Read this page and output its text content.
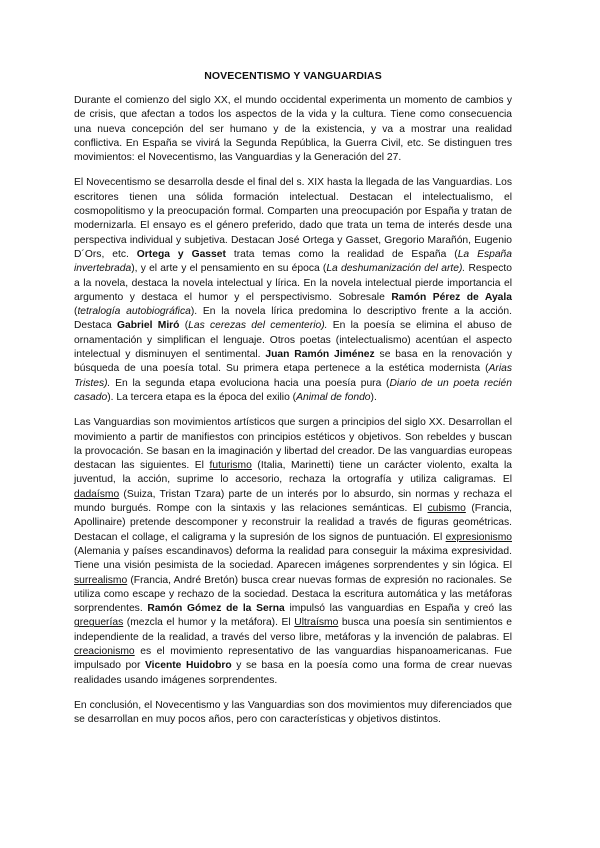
NOVECENTISMO Y VANGUARDIAS

Durante el comienzo del siglo XX, el mundo occidental experimenta un momento de cambios y de crisis, que afectan a todos los aspectos de la vida y la cultura. Tiene como consecuencia una nueva concepción del ser humano y de la existencia, y va a mostrar una realidad conflictiva. En España se vivirá la Segunda República, la Guerra Civil, etc. Se distinguen tres movimientos: el Novecentismo, las Vanguardias y la Generación del 27.

El Novecentismo se desarrolla desde el final del s. XIX hasta la llegada de las Vanguardias. Los escritores tienen una sólida formación intelectual. Destacan el intelectualismo, el cosmopolitismo y la preocupación formal. Comparten una preocupación por España y tratan de modernizarla. El ensayo es el género preferido, dado que trata un tema de interés desde una perspectiva individual y subjetiva. Destacan José Ortega y Gasset, Gregorio Marañón, Eugenio D´Ors, etc. Ortega y Gasset trata temas como la realidad de España (La España invertebrada), y el arte y el pensamiento en su época (La deshumanización del arte). Respecto a la novela, destaca la novela intelectual y lírica. En la novela intelectual pierde importancia el argumento y destaca el humor y el perspectivismo. Sobresale Ramón Pérez de Ayala (tetralogía autobiográfica). En la novela lírica predomina lo descriptivo frente a la acción. Destaca Gabriel Miró (Las cerezas del cementerio). En la poesía se elimina el abuso de ornamentación y simplifican el lenguaje. Otros poetas (intelectualismo) acentúan el aspecto intelectual y disminuyen el sentimental. Juan Ramón Jiménez se basa en la renovación y búsqueda de una poesía total. Su primera etapa pertenece a la estética modernista (Arias Tristes). En la segunda etapa evoluciona hacia una poesía pura (Diario de un poeta recién casado). La tercera etapa es la época del exilio (Animal de fondo).

Las Vanguardias son movimientos artísticos que surgen a principios del siglo XX. Desarrollan el movimiento a partir de manifiestos con principios estéticos y objetivos. Son rebeldes y buscan la provocación. Se basan en la imaginación y libertad del creador. De las vanguardias europeas destacan las siguientes. El futurismo (Italia, Marinetti) tiene un carácter violento, exalta la juventud, la acción, suprime lo accesorio, rechaza la ortografía y utiliza caligramas. El dadaísmo (Suiza, Tristan Tzara) parte de un interés por lo absurdo, sin normas y rechaza el mundo burgués. Rompe con la sintaxis y las relaciones semánticas. El cubismo (Francia, Apollinaire) pretende descomponer y reconstruir la realidad a través de figuras geométricas. Destacan el collage, el caligrama y la supresión de los signos de puntuación. El expresionismo (Alemania y países escandinavos) deforma la realidad para conseguir la máxima expresividad. Tiene una visión pesimista de la sociedad. Aparecen imágenes sorprendentes y sin lógica. El surrealismo (Francia, André Bretón) busca crear nuevas formas de expresión no racionales. Se utiliza como escape y rechazo de la sociedad. Destaca la escritura automática y las metáforas sorprendentes. Ramón Gómez de la Serna impulsó las vanguardias en España y creó las greguerías (mezcla el humor y la metáfora). El Ultraísmo busca una poesía sin sentimientos e independiente de la realidad, a través del verso libre, metáforas y la invención de palabras. El creacionismo es el movimiento representativo de las vanguardias hispanoamericanas. Fue impulsado por Vicente Huidobro y se basa en la poesía como una forma de crear nuevas realidades usando imágenes sorprendentes.

En conclusión, el Novecentismo y las Vanguardias son dos movimientos muy diferenciados que se desarrollan en muy pocos años, pero con características y objetivos distintos.
